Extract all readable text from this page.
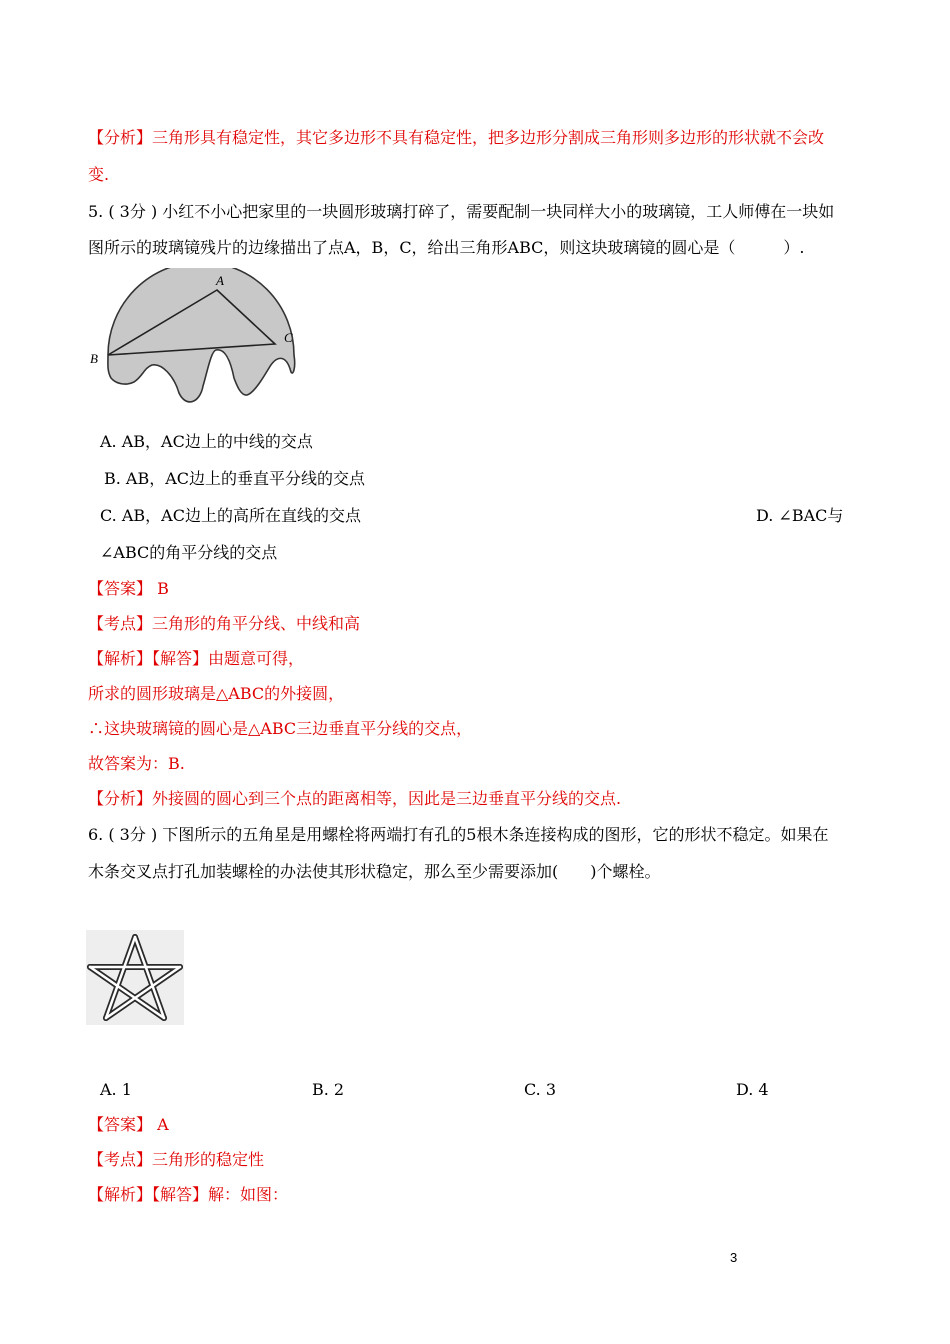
【分析】三角形具有稳定性，其它多边形不具有稳定性，把多边形分割成三角形则多边形的形状就不会改
变.
5. ( 3分 ) 小红不小心把家里的一块圆形玻璃打碎了，需要配制一块同样大小的玻璃镜，工人师傅在一块如
图所示的玻璃镜残片的边缘描出了点A，B，C，给出三角形ABC，则这块玻璃镜的圆心是（　　　）.
A
B
C
A. AB，AC边上的中线的交点
B. AB，AC边上的垂直平分线的交点
C. AB，AC边上的高所在直线的交点	D. ∠BAC与
∠ABC的角平分线的交点
【答案】 B
【考点】三角形的角平分线、中线和高
【解析】【解答】由题意可得，
所求的圆形玻璃是△ABC的外接圆，
∴这块玻璃镜的圆心是△ABC三边垂直平分线的交点，
故答案为：B.
【分析】外接圆的圆心到三个点的距离相等，因此是三边垂直平分线的交点.
6. ( 3分 ) 下图所示的五角星是用螺栓将两端打有孔的5根木条连接构成的图形，它的形状不稳定。如果在
木条交叉点打孔加装螺栓的办法使其形状稳定，那么至少需要添加(　　)个螺栓。
A. 1	B. 2	C. 3	D. 4
【答案】 A
【考点】三角形的稳定性
【解析】【解答】解：如图：
3
